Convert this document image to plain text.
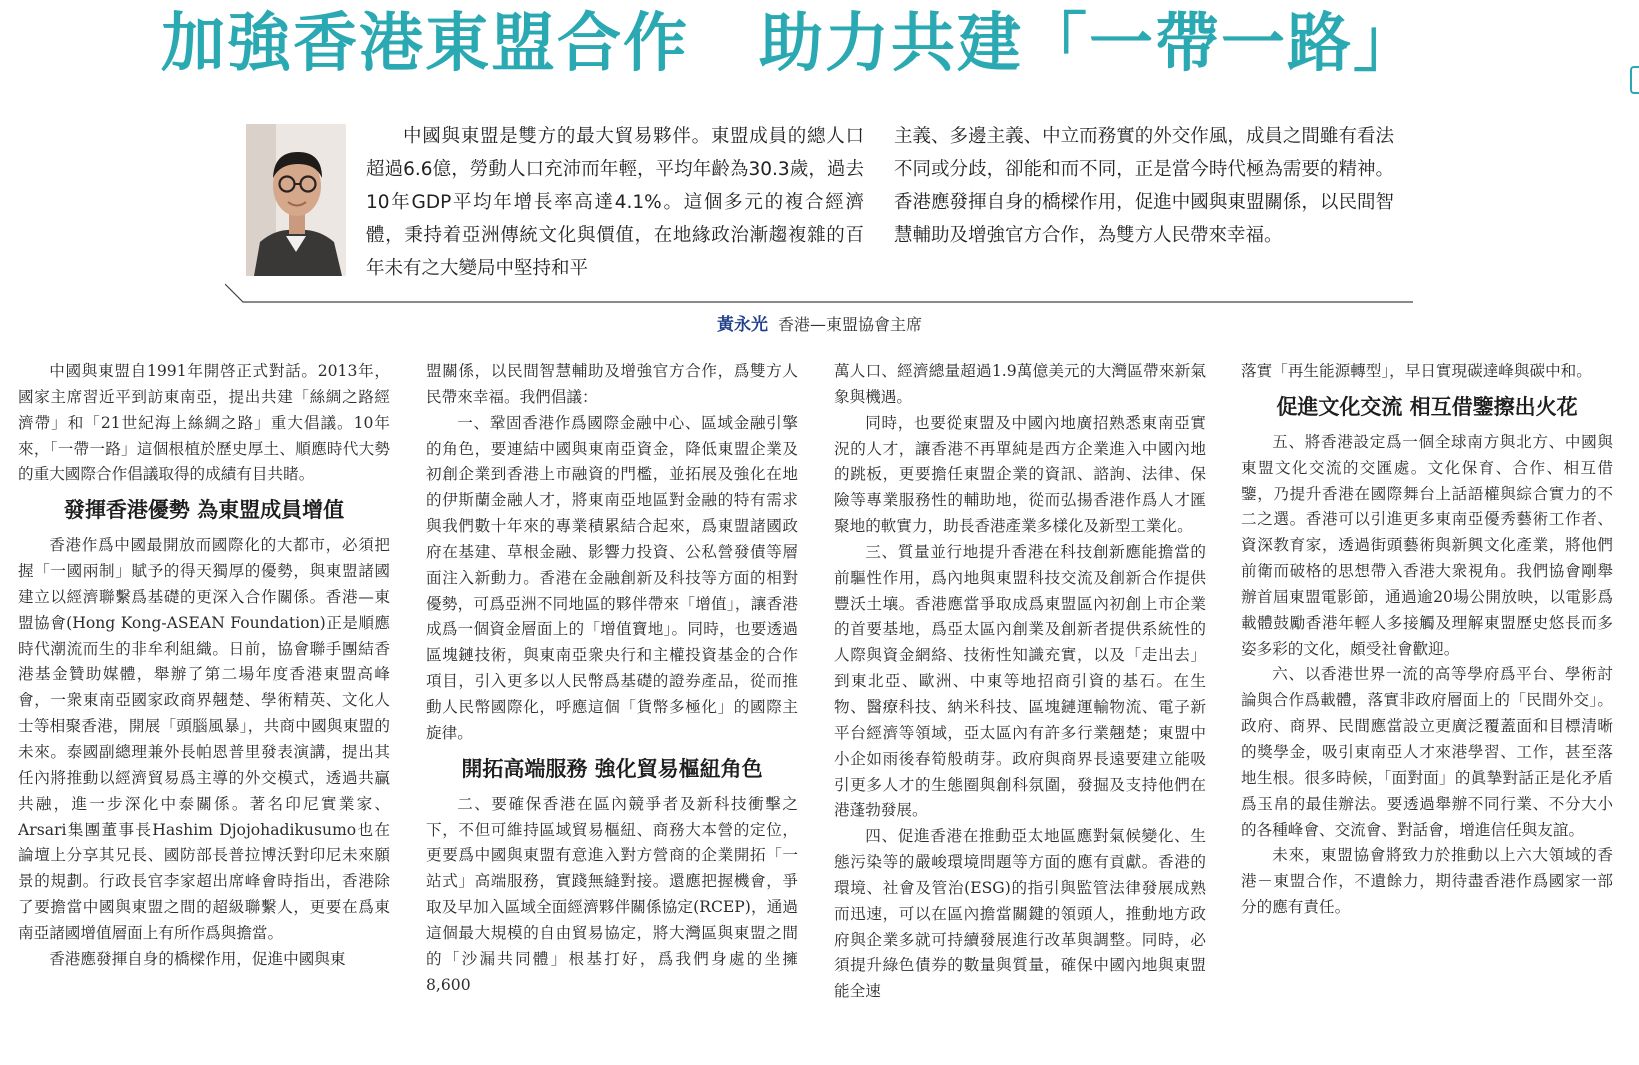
加強香港東盟合作 助力共建「一帶一路」
中國與東盟是雙方的最大貿易夥伴。東盟成員的總人口超過6.6億，勞動人口充沛而年輕，平均年齡為30.3歲，過去10年GDP平均年增長率高達4.1%。這個多元的複合經濟體，秉持着亞洲傳統文化與價值，在地緣政治漸趨複雜的百年未有之大變局中堅持和平
主義、多邊主義、中立而務實的外交作風，成員之間雖有看法不同或分歧，卻能和而不同，正是當今時代極為需要的精神。香港應發揮自身的橋樑作用，促進中國與東盟關係，以民間智慧輔助及增強官方合作，為雙方人民帶來幸福。
黃永光 香港—東盟協會主席

中國與東盟自1991年開啓正式對話。2013年，國家主席習近平到訪東南亞，提出共建「絲綢之路經濟帶」和「21世紀海上絲綢之路」重大倡議。10年來，「一帶一路」這個根植於歷史厚土、順應時代大勢的重大國際合作倡議取得的成績有目共睹。

發揮香港優勢 為東盟成員增值

香港作爲中國最開放而國際化的大都市，必須把握「一國兩制」賦予的得天獨厚的優勢，與東盟諸國建立以經濟聯繫爲基礎的更深入合作關係。香港—東盟協會(Hong Kong-ASEAN Foundation)正是順應時代潮流而生的非牟利組織。日前，協會聯手團結香港基金贊助媒體，舉辦了第二場年度香港東盟高峰會，一衆東南亞國家政商界翹楚、學術精英、文化人士等相聚香港，開展「頭腦風暴」，共商中國與東盟的未來。泰國副總理兼外長帕恩普里發表演講，提出其任內將推動以經濟貿易爲主導的外交模式，透過共贏共融，進一步深化中泰關係。著名印尼實業家、Arsari集團董事長Hashim Djojohadikusumo也在論壇上分享其兄長、國防部長普拉博沃對印尼未來願景的規劃。行政長官李家超出席峰會時指出，香港除了要擔當中國與東盟之間的超級聯繫人，更要在爲東南亞諸國增值層面上有所作爲與擔當。

香港應發揮自身的橋樑作用，促進中國與東

盟關係，以民間智慧輔助及增強官方合作，爲雙方人民帶來幸福。我們倡議：

一、鞏固香港作爲國際金融中心、區域金融引擎的角色，要連結中國與東南亞資金，降低東盟企業及初創企業到香港上市融資的門檻，並拓展及強化在地的伊斯蘭金融人才，將東南亞地區對金融的特有需求與我們數十年來的專業積累結合起來，爲東盟諸國政府在基建、草根金融、影響力投資、公私營發債等層面注入新動力。香港在金融創新及科技等方面的相對優勢，可爲亞洲不同地區的夥伴帶來「增值」，讓香港成爲一個資金層面上的「增值寶地」。同時，也要透過區塊鏈技術，與東南亞衆央行和主權投資基金的合作項目，引入更多以人民幣爲基礎的證券產品，從而推動人民幣國際化，呼應這個「貨幣多極化」的國際主旋律。

開拓高端服務 強化貿易樞紐角色

二、要確保香港在區內競爭者及新科技衝擊之下，不但可維持區域貿易樞紐、商務大本營的定位，更要爲中國與東盟有意進入對方營商的企業開拓「一站式」高端服務，實踐無縫對接。還應把握機會，爭取及早加入區域全面經濟夥伴關係協定(RCEP)，通過這個最大規模的自由貿易協定，將大灣區與東盟之間的「沙漏共同體」根基打好，爲我們身處的坐擁8,600

萬人口、經濟總量超過1.9萬億美元的大灣區帶來新氣象與機遇。

同時，也要從東盟及中國內地廣招熟悉東南亞實況的人才，讓香港不再單純是西方企業進入中國內地的跳板，更要擔任東盟企業的資訊、諮詢、法律、保險等專業服務性的輔助地，從而弘揚香港作爲人才匯聚地的軟實力，助長香港產業多樣化及新型工業化。

三、質量並行地提升香港在科技創新應能擔當的前驅性作用，爲內地與東盟科技交流及創新合作提供豐沃土壤。香港應當爭取成爲東盟區內初創上市企業的首要基地，爲亞太區內創業及創新者提供系統性的人際與資金網絡、技術性知識充實，以及「走出去」到東北亞、歐洲、中東等地招商引資的基石。在生物、醫療科技、納米科技、區塊鏈運輸物流、電子新平台經濟等領域，亞太區內有許多行業翹楚；東盟中小企如雨後春筍般萌芽。政府與商界長遠要建立能吸引更多人才的生態圈與創科氛圍，發掘及支持他們在港蓬勃發展。

四、促進香港在推動亞太地區應對氣候變化、生態污染等的嚴峻環境問題等方面的應有貢獻。香港的環境、社會及管治(ESG)的指引與監管法律發展成熟而迅速，可以在區內擔當關鍵的領頭人，推動地方政府與企業多就可持續發展進行改革與調整。同時，必須提升綠色債券的數量與質量，確保中國內地與東盟能全速

落實「再生能源轉型」，早日實現碳達峰與碳中和。

促進文化交流 相互借鑒擦出火花

五、將香港設定爲一個全球南方與北方、中國與東盟文化交流的交匯處。文化保育、合作、相互借鑒，乃提升香港在國際舞台上話語權與綜合實力的不二之選。香港可以引進更多東南亞優秀藝術工作者、資深教育家，透過街頭藝術與新興文化產業，將他們前衛而破格的思想帶入香港大衆視角。我們協會剛舉辦首屆東盟電影節，通過逾20場公開放映，以電影爲載體鼓勵香港年輕人多接觸及理解東盟歷史悠長而多姿多彩的文化，頗受社會歡迎。

六、以香港世界一流的高等學府爲平台、學術討論與合作爲載體，落實非政府層面上的「民間外交」。政府、商界、民間應當設立更廣泛覆蓋面和目標清晰的獎學金，吸引東南亞人才來港學習、工作，甚至落地生根。很多時候，「面對面」的眞摯對話正是化矛盾爲玉帛的最佳辦法。要透過舉辦不同行業、不分大小的各種峰會、交流會、對話會，增進信任與友誼。

未來，東盟協會將致力於推動以上六大領域的香港－東盟合作，不遺餘力，期待盡香港作爲國家一部分的應有責任。
